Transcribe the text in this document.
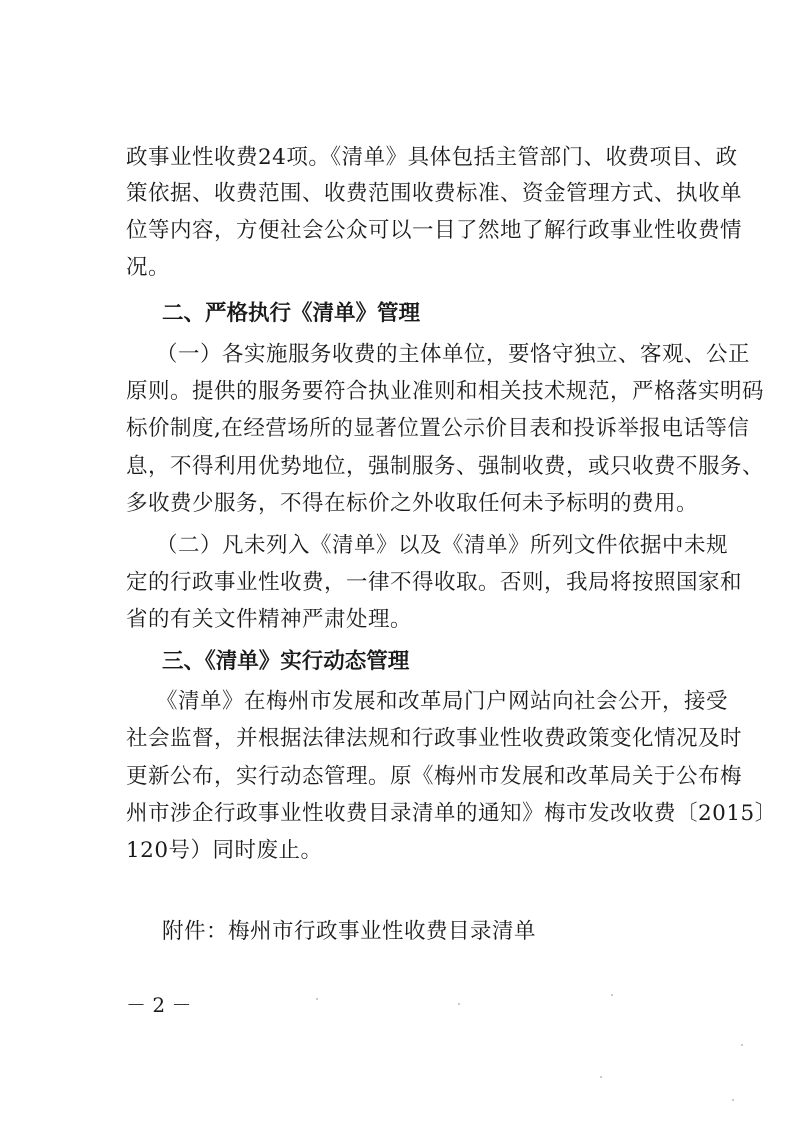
政事业性收费24项。《清单》具体包括主管部门、收费项目、政
策依据、收费范围、收费范围收费标准、资金管理方式、执收单
位等内容，方便社会公众可以一目了然地了解行政事业性收费情
况。
二、严格执行《清单》管理
（一）各实施服务收费的主体单位，要恪守独立、客观、公正
原则。提供的服务要符合执业准则和相关技术规范，严格落实明码
标价制度,在经营场所的显著位置公示价目表和投诉举报电话等信
息，不得利用优势地位，强制服务、强制收费，或只收费不服务、
多收费少服务，不得在标价之外收取任何未予标明的费用。
（二）凡未列入《清单》以及《清单》所列文件依据中未规
定的行政事业性收费，一律不得收取。否则，我局将按照国家和
省的有关文件精神严肃处理。
三、《清单》实行动态管理
《清单》在梅州市发展和改革局门户网站向社会公开，接受
社会监督，并根据法律法规和行政事业性收费政策变化情况及时
更新公布，实行动态管理。原《梅州市发展和改革局关于公布梅
州市涉企行政事业性收费目录清单的通知》梅市发改收费〔2015〕
120号）同时废止。
附件：梅州市行政事业性收费目录清单
－ 2 －
